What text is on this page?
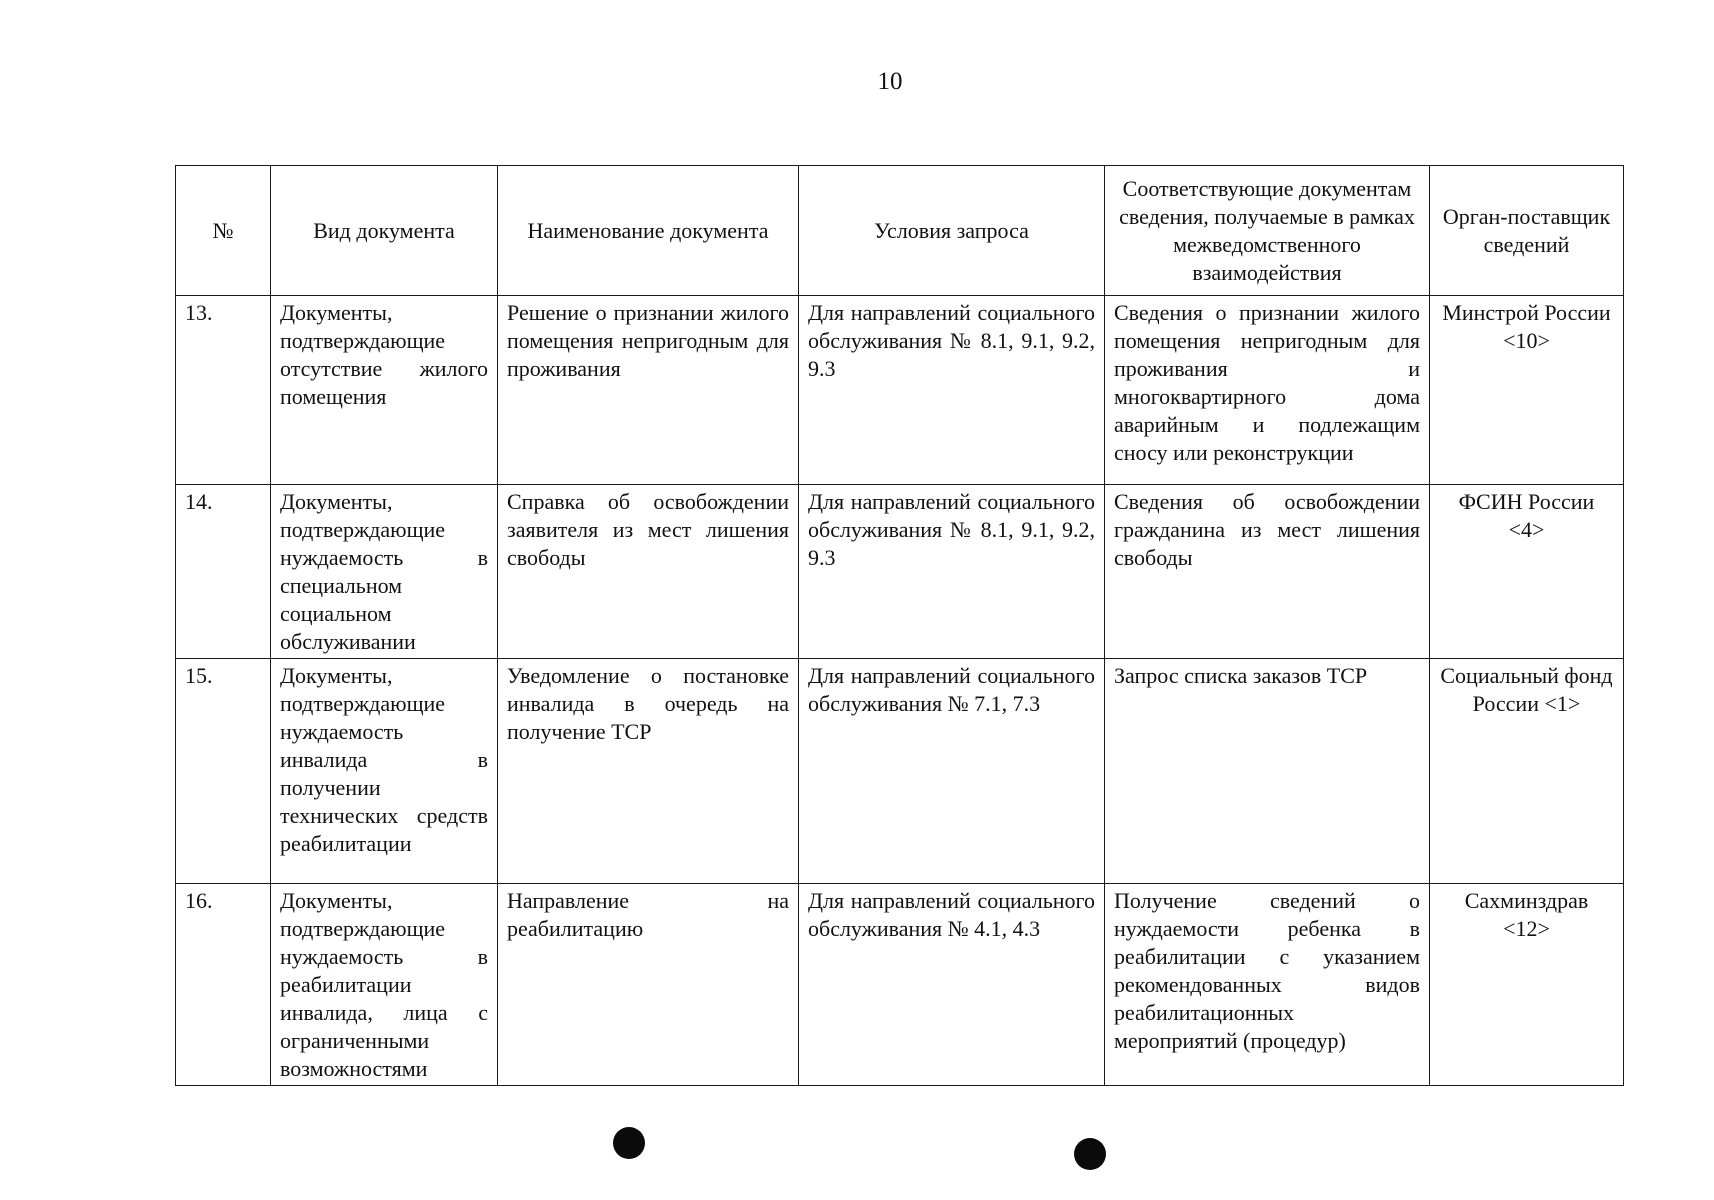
10
№	Вид документа	Наименование документа	Условия запроса	Соответствующие документам сведения, получаемые в рамках межведомственного взаимодействия	Орган-поставщик сведений
13.	Документы, подтверждающие отсутствие жилого помещения	Решение о признании жилого помещения непригодным для проживания	Для направлений социального обслуживания № 8.1, 9.1, 9.2, 9.3	Сведения о признании жилого помещения непригодным для проживания и многоквартирного дома аварийным и подлежащим сносу или реконструкции	Минстрой России <10>
14.	Документы, подтверждающие нуждаемость в специальном социальном обслуживании	Справка об освобождении заявителя из мест лишения свободы	Для направлений социального обслуживания № 8.1, 9.1, 9.2, 9.3	Сведения об освобождении гражданина из мест лишения свободы	ФСИН России <4>
15.	Документы, подтверждающие нуждаемость инвалида в получении технических средств реабилитации	Уведомление о постановке инвалида в очередь на получение ТСР	Для направлений социального обслуживания № 7.1, 7.3	Запрос списка заказов ТСР	Социальный фонд России <1>
16.	Документы, подтверждающие нуждаемость в реабилитации инвалида, лица с ограниченными возможностями	Направление на реабилитацию	Для направлений социального обслуживания № 4.1, 4.3	Получение сведений о нуждаемости ребенка в реабилитации с указанием рекомендованных видов реабилитационных мероприятий (процедур)	Сахминздрав <12>
